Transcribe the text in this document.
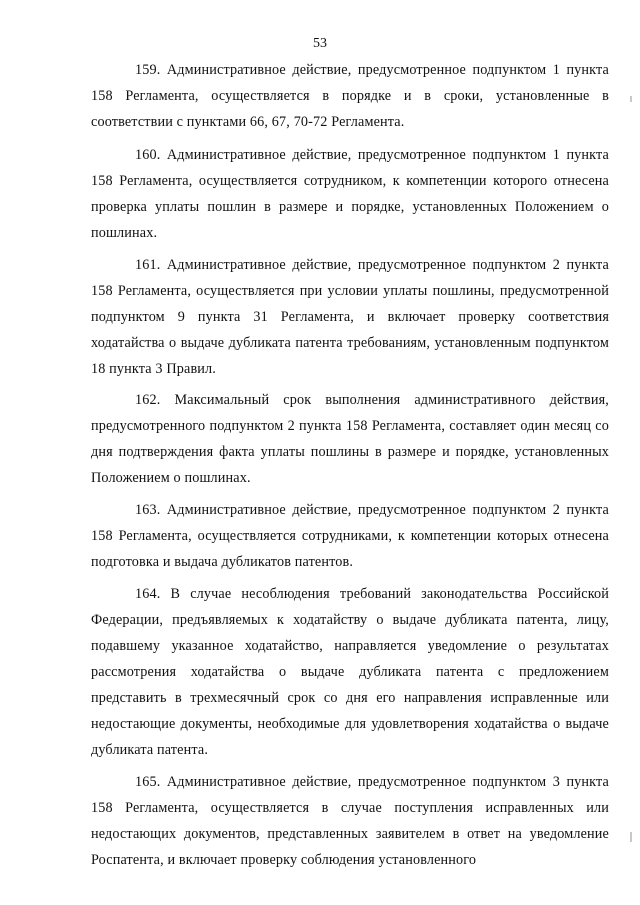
53

159. Административное действие, предусмотренное подпунктом 1 пункта 158 Регламента, осуществляется в порядке и в сроки, установленные в соответствии с пунктами 66, 67, 70-72 Регламента.

160. Административное действие, предусмотренное подпунктом 1 пункта 158 Регламента, осуществляется сотрудником, к компетенции которого отнесена проверка уплаты пошлин в размере и порядке, установленных Положением о пошлинах.

161. Административное действие, предусмотренное подпунктом 2 пункта 158 Регламента, осуществляется при условии уплаты пошлины, предусмотренной подпунктом 9 пункта 31 Регламента, и включает проверку соответствия ходатайства о выдаче дубликата патента требованиям, установленным подпунктом 18 пункта 3 Правил.

162. Максимальный срок выполнения административного действия, предусмотренного подпунктом 2 пункта 158 Регламента, составляет один месяц со дня подтверждения факта уплаты пошлины в размере и порядке, установленных Положением о пошлинах.

163. Административное действие, предусмотренное подпунктом 2 пункта 158 Регламента, осуществляется сотрудниками, к компетенции которых отнесена подготовка и выдача дубликатов патентов.

164. В случае несоблюдения требований законодательства Российской Федерации, предъявляемых к ходатайству о выдаче дубликата патента, лицу, подавшему указанное ходатайство, направляется уведомление о результатах рассмотрения ходатайства о выдаче дубликата патента с предложением представить в трехмесячный срок со дня его направления исправленные или недостающие документы, необходимые для удовлетворения ходатайства о выдаче дубликата патента.

165. Административное действие, предусмотренное подпунктом 3 пункта 158 Регламента, осуществляется в случае поступления исправленных или недостающих документов, представленных заявителем в ответ на уведомление Роспатента, и включает проверку соблюдения установленного
